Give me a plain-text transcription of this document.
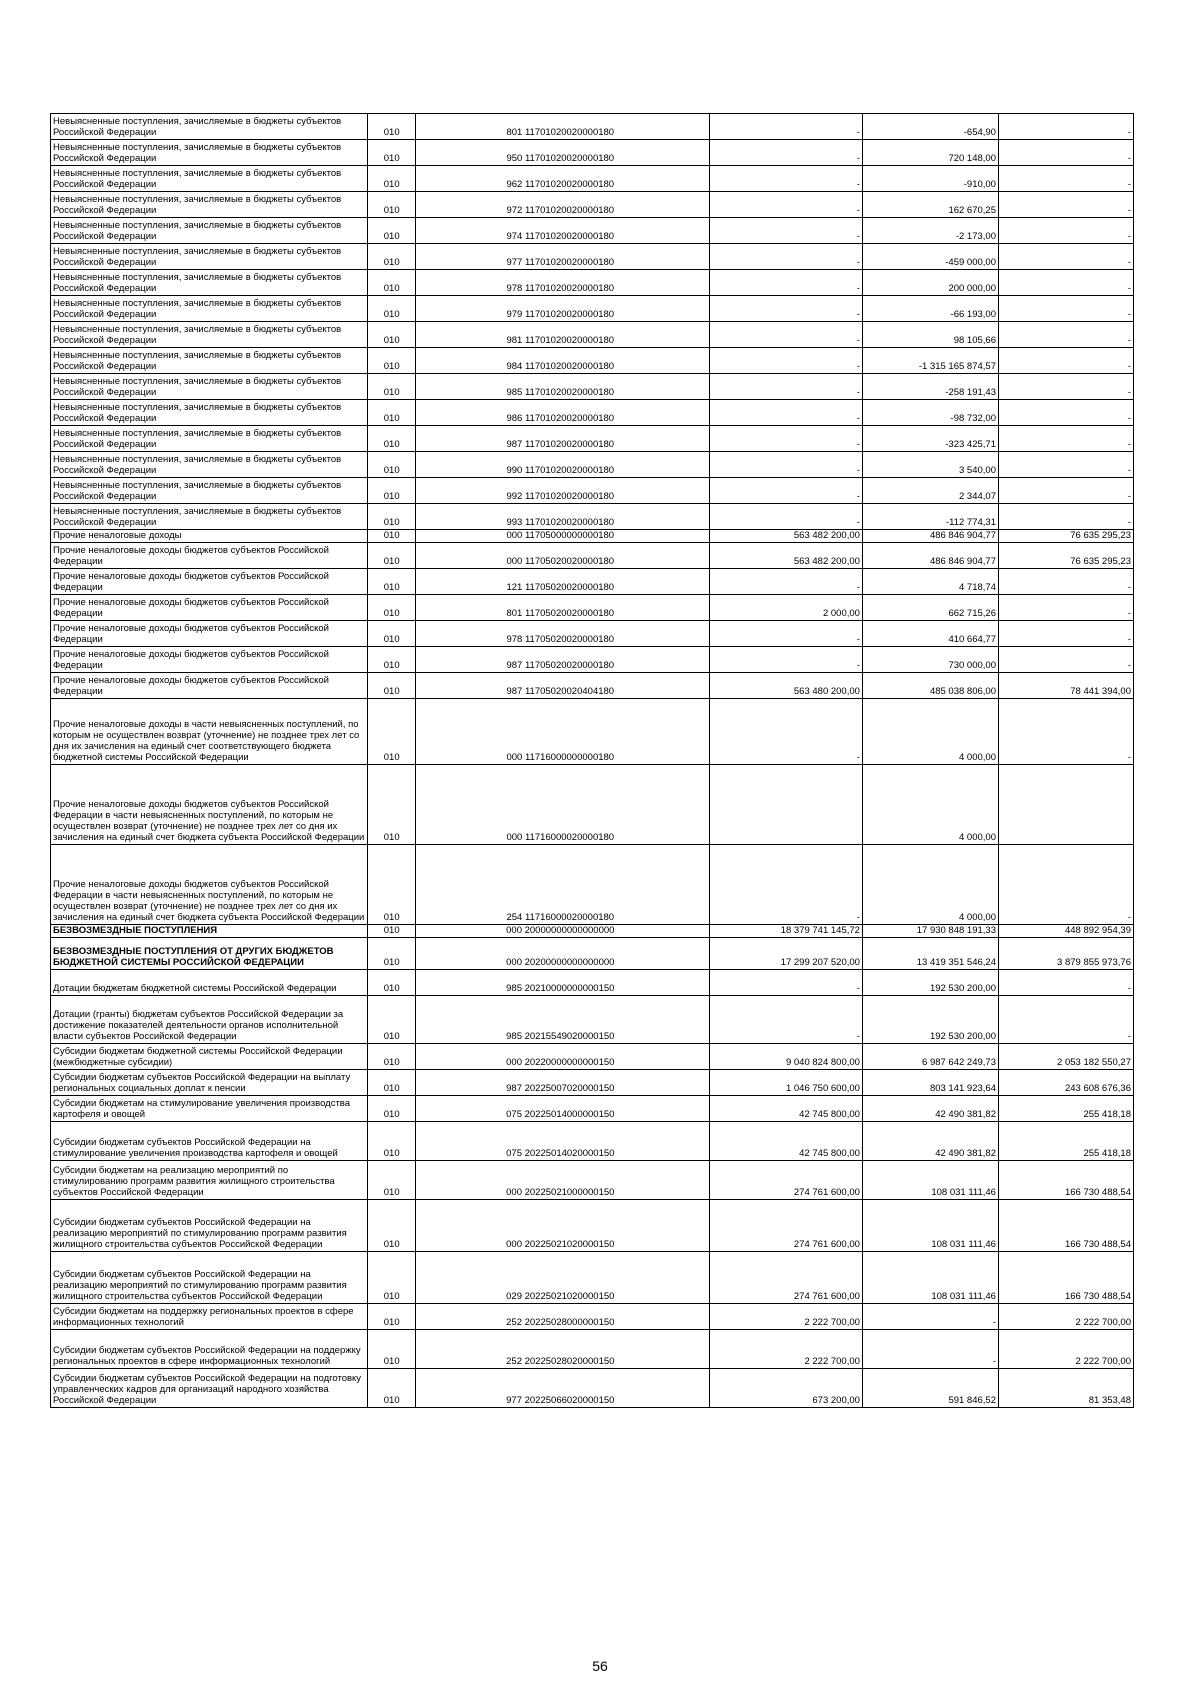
Невыясненные поступления, зачисляемые в бюджеты субъектов Российской Федерации	010	801 11701020020000180	-	-654,90	-
Невыясненные поступления, зачисляемые в бюджеты субъектов Российской Федерации	010	950 11701020020000180	-	720 148,00	-
Невыясненные поступления, зачисляемые в бюджеты субъектов Российской Федерации	010	962 11701020020000180	-	-910,00	-
Невыясненные поступления, зачисляемые в бюджеты субъектов Российской Федерации	010	972 11701020020000180	-	162 670,25	-
Невыясненные поступления, зачисляемые в бюджеты субъектов Российской Федерации	010	974 11701020020000180	-	-2 173,00	-
Невыясненные поступления, зачисляемые в бюджеты субъектов Российской Федерации	010	977 11701020020000180	-	-459 000,00	-
Невыясненные поступления, зачисляемые в бюджеты субъектов Российской Федерации	010	978 11701020020000180	-	200 000,00	-
Невыясненные поступления, зачисляемые в бюджеты субъектов Российской Федерации	010	979 11701020020000180	-	-66 193,00	-
Невыясненные поступления, зачисляемые в бюджеты субъектов Российской Федерации	010	981 11701020020000180	-	98 105,66	-
Невыясненные поступления, зачисляемые в бюджеты субъектов Российской Федерации	010	984 11701020020000180	-	-1 315 165 874,57	-
Невыясненные поступления, зачисляемые в бюджеты субъектов Российской Федерации	010	985 11701020020000180	-	-258 191,43	-
Невыясненные поступления, зачисляемые в бюджеты субъектов Российской Федерации	010	986 11701020020000180	-	-98 732,00	-
Невыясненные поступления, зачисляемые в бюджеты субъектов Российской Федерации	010	987 11701020020000180	-	-323 425,71	-
Невыясненные поступления, зачисляемые в бюджеты субъектов Российской Федерации	010	990 11701020020000180	-	3 540,00	-
Невыясненные поступления, зачисляемые в бюджеты субъектов Российской Федерации	010	992 11701020020000180	-	2 344,07	-
Невыясненные поступления, зачисляемые в бюджеты субъектов Российской Федерации	010	993 11701020020000180	-	-112 774,31	-
Прочие неналоговые доходы	010	000 11705000000000180	563 482 200,00	486 846 904,77	76 635 295,23
Прочие неналоговые доходы бюджетов субъектов Российской Федерации	010	000 11705020020000180	563 482 200,00	486 846 904,77	76 635 295,23
Прочие неналоговые доходы бюджетов субъектов Российской Федерации	010	121 11705020020000180	-	4 718,74	-
Прочие неналоговые доходы бюджетов субъектов Российской Федерации	010	801 11705020020000180	2 000,00	662 715,26	-
Прочие неналоговые доходы бюджетов субъектов Российской Федерации	010	978 11705020020000180	-	410 664,77	-
Прочие неналоговые доходы бюджетов субъектов Российской Федерации	010	987 11705020020000180	-	730 000,00	-
Прочие неналоговые доходы бюджетов субъектов Российской Федерации	010	987 11705020020404180	563 480 200,00	485 038 806,00	78 441 394,00
Прочие неналоговые доходы в части невыясненных поступлений, по которым не осуществлен возврат (уточнение) не позднее трех лет со дня их зачисления на единый счет соответствующего бюджета бюджетной системы Российской Федерации	010	000 11716000000000180	-	4 000,00	-
Прочие неналоговые доходы бюджетов субъектов Российской Федерации в части невыясненных поступлений, по которым не осуществлен возврат (уточнение) не позднее трех лет со дня их зачисления на единый счет бюджета субъекта Российской Федерации	010	000 11716000020000180		4 000,00	
Прочие неналоговые доходы бюджетов субъектов Российской Федерации в части невыясненных поступлений, по которым не осуществлен возврат (уточнение) не позднее трех лет со дня их зачисления на единый счет бюджета субъекта Российской Федерации	010	254 11716000020000180	-	4 000,00	-
БЕЗВОЗМЕЗДНЫЕ ПОСТУПЛЕНИЯ	010	000 20000000000000000	18 379 741 145,72	17 930 848 191,33	448 892 954,39
БЕЗВОЗМЕЗДНЫЕ ПОСТУПЛЕНИЯ ОТ ДРУГИХ БЮДЖЕТОВ БЮДЖЕТНОЙ СИСТЕМЫ РОССИЙСКОЙ ФЕДЕРАЦИИ	010	000 20200000000000000	17 299 207 520,00	13 419 351 546,24	3 879 855 973,76
Дотации бюджетам бюджетной системы Российской Федерации	010	985 20210000000000150	-	192 530 200,00	-
Дотации (гранты) бюджетам субъектов Российской Федерации за достижение показателей деятельности органов исполнительной власти субъектов Российской Федерации	010	985 20215549020000150	-	192 530 200,00	-
Субсидии бюджетам бюджетной системы Российской Федерации (межбюджетные субсидии)	010	000 20220000000000150	9 040 824 800,00	6 987 642 249,73	2 053 182 550,27
Субсидии бюджетам субъектов Российской Федерации на выплату региональных социальных доплат к пенсии	010	987 20225007020000150	1 046 750 600,00	803 141 923,64	243 608 676,36
Субсидии бюджетам на стимулирование увеличения производства картофеля и овощей	010	075 20225014000000150	42 745 800,00	42 490 381,82	255 418,18
Субсидии бюджетам субъектов Российской Федерации на стимулирование увеличения производства картофеля и овощей	010	075 20225014020000150	42 745 800,00	42 490 381,82	255 418,18
Субсидии бюджетам на реализацию мероприятий по стимулированию программ развития жилищного строительства субъектов Российской Федерации	010	000 20225021000000150	274 761 600,00	108 031 111,46	166 730 488,54
Субсидии бюджетам субъектов Российской Федерации на реализацию мероприятий по стимулированию программ развития жилищного строительства субъектов Российской Федерации	010	000 20225021020000150	274 761 600,00	108 031 111,46	166 730 488,54
Субсидии бюджетам субъектов Российской Федерации на реализацию мероприятий по стимулированию программ развития жилищного строительства субъектов Российской Федерации	010	029 20225021020000150	274 761 600,00	108 031 111,46	166 730 488,54
Субсидии бюджетам на поддержку региональных проектов в сфере информационных технологий	010	252 20225028000000150	2 222 700,00	-	2 222 700,00
Субсидии бюджетам субъектов Российской Федерации на поддержку региональных проектов в сфере информационных технологий	010	252 20225028020000150	2 222 700,00	-	2 222 700,00
Субсидии бюджетам субъектов Российской Федерации на подготовку управленческих кадров для организаций народного хозяйства Российской Федерации	010	977 20225066020000150	673 200,00	591 846,52	81 353,48
56
